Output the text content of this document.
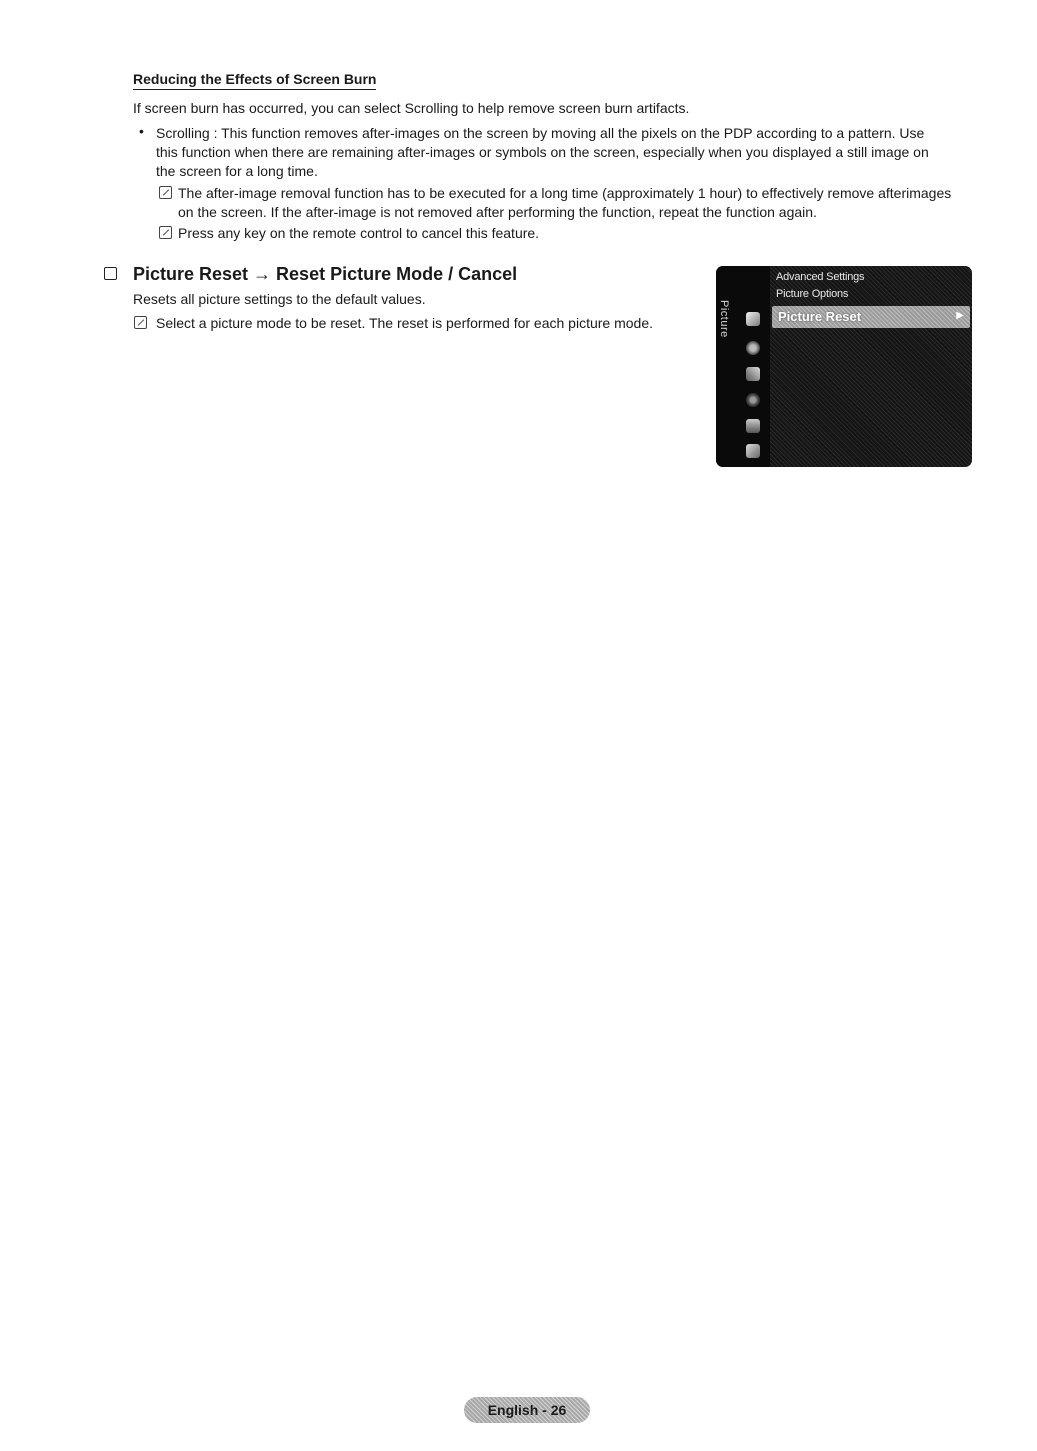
Reducing the Effects of Screen Burn
If screen burn has occurred, you can select Scrolling to help remove screen burn artifacts.
• Scrolling : This function removes after-images on the screen by moving all the pixels on the PDP according to a pattern. Use
this function when there are remaining after-images or symbols on the screen, especially when you displayed a still image on
the screen for a long time.
The after-image removal function has to be executed for a long time (approximately 1 hour) to effectively remove afterimages
on the screen. If the after-image is not removed after performing the function, repeat the function again.
Press any key on the remote control to cancel this feature.
Picture Reset → Reset Picture Mode / Cancel
Resets all picture settings to the default values.
Select a picture mode to be reset. The reset is performed for each picture mode.	Picture
Advanced Settings
Picture Options
Picture Reset	▶
English - 26
